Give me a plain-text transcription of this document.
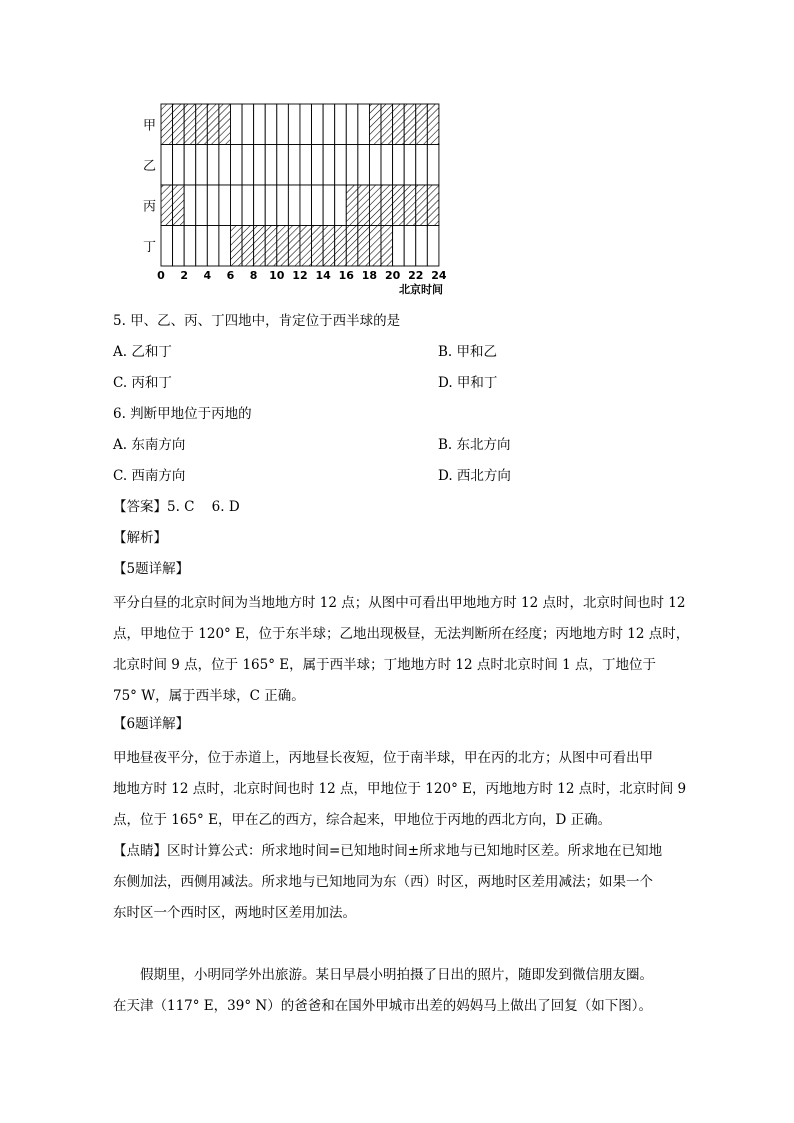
甲
乙
丙
丁
0 2 4 6 8 10 12 14 16 18 20 22 24
北京时间
5. 甲、乙、丙、丁四地中，肯定位于西半球的是
A. 乙和丁	B. 甲和乙
C. 丙和丁	D. 甲和丁
6. 判断甲地位于丙地的
A. 东南方向	B. 东北方向
C. 西南方向	D. 西北方向
【答案】5. C    6. D
【解析】
【5题详解】
平分白昼的北京时间为当地地方时 12 点；从图中可看出甲地地方时 12 点时，北京时间也时 12
点，甲地位于 120° E，位于东半球；乙地出现极昼，无法判断所在经度；丙地地方时 12 点时，
北京时间 9 点，位于 165° E，属于西半球；丁地地方时 12 点时北京时间 1 点，丁地位于
75° W，属于西半球，C 正确。
【6题详解】
甲地昼夜平分，位于赤道上，丙地昼长夜短，位于南半球，甲在丙的北方；从图中可看出甲
地地方时 12 点时，北京时间也时 12 点，甲地位于 120° E，丙地地方时 12 点时，北京时间 9
点，位于 165° E，甲在乙的西方，综合起来，甲地位于丙地的西北方向，D 正确。
【点睛】区时计算公式：所求地时间=已知地时间±所求地与已知地时区差。所求地在已知地
东侧加法，西侧用减法。所求地与已知地同为东（西）时区，两地时区差用减法；如果一个
东时区一个西时区，两地时区差用加法。
假期里，小明同学外出旅游。某日早晨小明拍摄了日出的照片，随即发到微信朋友圈。
在天津（117° E，39° N）的爸爸和在国外甲城市出差的妈妈马上做出了回复（如下图）。
